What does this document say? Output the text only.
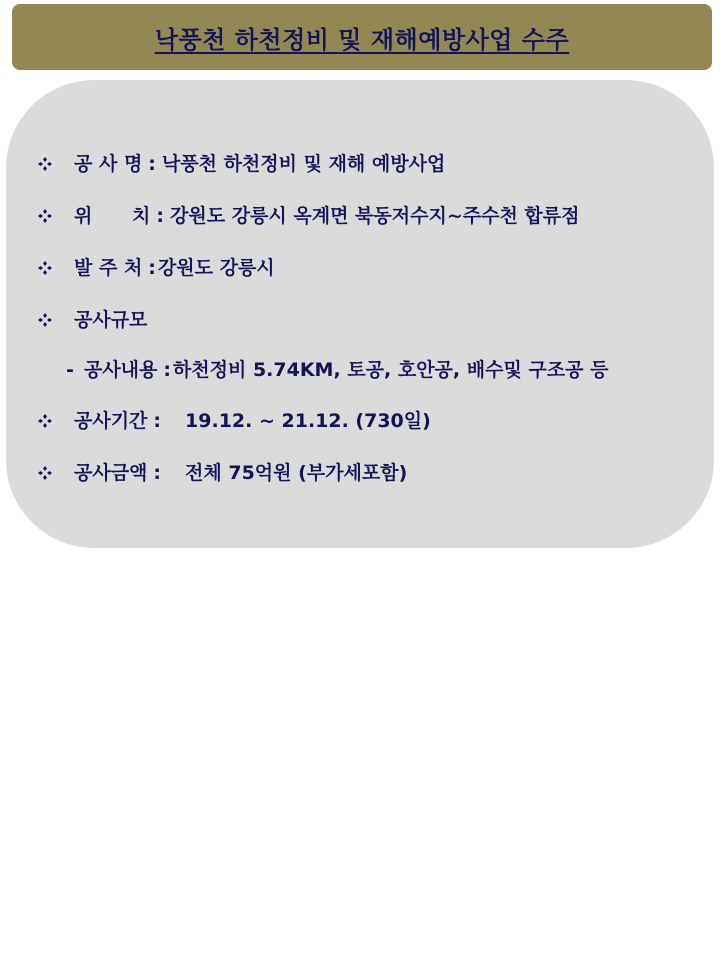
낙풍천 하천정비 및 재해예방사업 수주
공 사 명 : 낙풍천 하천정비 및 재해 예방사업
위      치 : 강원도 강릉시 옥계면 북동저수지~주수천 합류점
발 주 처 : 강원도 강릉시
공사규모
- 공사내용 : 하천정비 5.74KM, 토공, 호안공, 배수및 구조공 등
공사기간 : 19.12. ~ 21.12. (730일)
공사금액 : 전체 75억원 (부가세포함)
